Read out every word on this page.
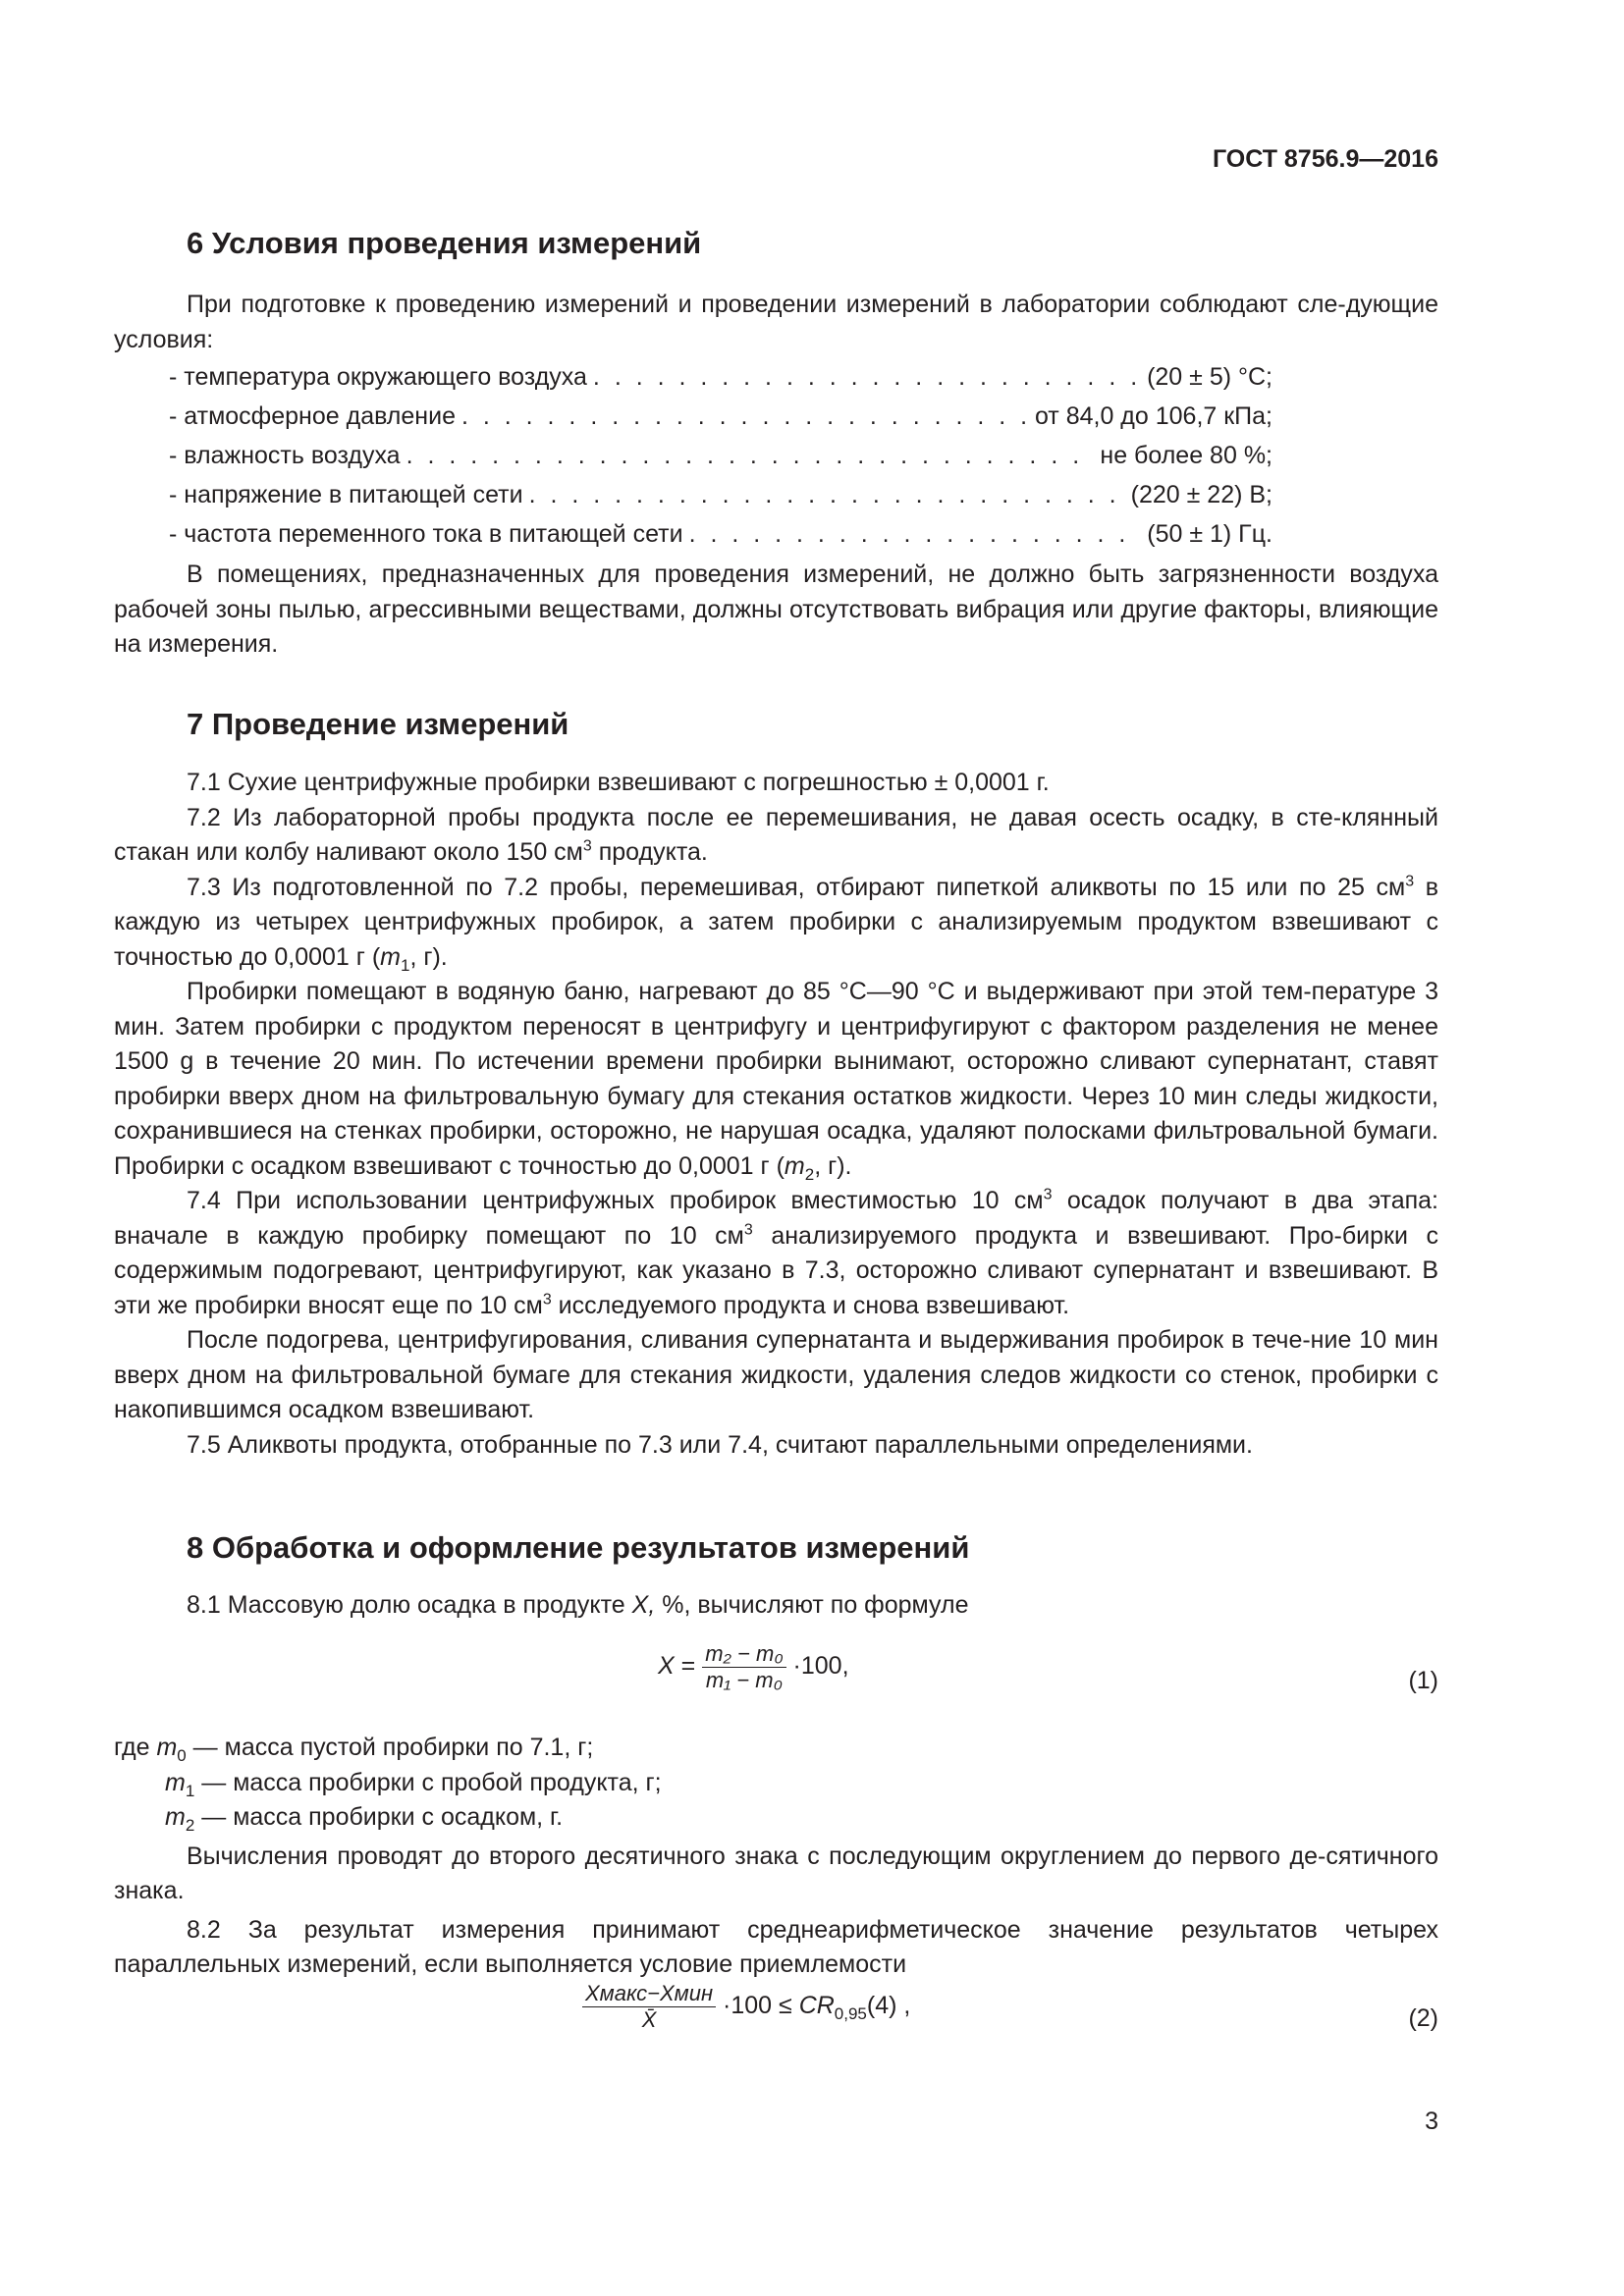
ГОСТ 8756.9—2016
6 Условия проведения измерений

При подготовке к проведению измерений и проведении измерений в лаборатории соблюдают сле-дующие условия:

- температура окружающего воздуха . . .	(20 ± 5) °С;
- атмосферное давление . . .	от 84,0 до 106,7 кПа;
- влажность воздуха . . .	не более 80 %;
- напряжение в питающей сети . . .	(220 ± 22) В;
- частота переменного тока в питающей сети . . .	(50 ± 1) Гц.

В помещениях, предназначенных для проведения измерений, не должно быть загрязненности воздуха рабочей зоны пылью, агрессивными веществами, должны отсутствовать вибрация или другие факторы, влияющие на измерения.

7 Проведение измерений

7.1 Сухие центрифужные пробирки взвешивают с погрешностью ± 0,0001 г.

7.2 Из лабораторной пробы продукта после ее перемешивания, не давая осесть осадку, в сте-клянный стакан или колбу наливают около 150 $см^3$ продукта.

7.3 Из подготовленной по 7.2 пробы, перемешивая, отбирают пипеткой аликвоты по 15 или по 25 $см^3$ в каждую из четырех центрифужных пробирок, а затем пробирки с анализируемым продуктом взвешивают с точностью до 0,0001 г ($m_1$, г).

Пробирки помещают в водяную баню, нагревают до 85 °С—90 °С и выдерживают при этой тем-пературе 3 мин. Затем пробирки с продуктом переносят в центрифугу и центрифугируют с фактором разделения не менее 1500 g в течение 20 мин. По истечении времени пробирки вынимают, осторожно сливают супернатант, ставят пробирки вверх дном на фильтровальную бумагу для стекания остатков жидкости. Через 10 мин следы жидкости, сохранившиеся на стенках пробирки, осторожно, не нарушая осадка, удаляют полосками фильтровальной бумаги. Пробирки с осадком взвешивают с точностью до 0,0001 г ($m_2$, г).

7.4 При использовании центрифужных пробирок вместимостью 10 $см^3$ осадок получают в два этапа: вначале в каждую пробирку помещают по 10 $см^3$ анализируемого продукта и взвешивают. Про-бирки с содержимым подогревают, центрифугируют, как указано в 7.3, осторожно сливают супернатант и взвешивают. В эти же пробирки вносят еще по 10 $см^3$ исследуемого продукта и снова взвешивают.

После подогрева, центрифугирования, сливания супернатанта и выдерживания пробирок в тече-ние 10 мин вверх дном на фильтровальной бумаге для стекания жидкости, удаления следов жидкости со стенок, пробирки с накопившимся осадком взвешивают.

7.5 Аликвоты продукта, отобранные по 7.3 или 7.4, считают параллельными определениями.

8 Обработка и оформление результатов измерений

8.1 Массовую долю осадка в продукте X, %, вычисляют по формуле

$X = \frac{\text{m₂ − m₀}}{\text{m₁ − m₀}} \cdot 100$,
(1)
где $m_0$ — масса пустой пробирки по 7.1, г;
$m_1$ — масса пробирки с пробой продукта, г;
$m_2$ — масса пробирки с осадком, г.

Вычисления проводят до второго десятичного знака с последующим округлением до первого де-сятичного знака.

8.2 За результат измерения принимают среднеарифметическое значение результатов четырех параллельных измерений, если выполняется условие приемлемости

$\frac{\text{Xмакс−Xмин}}{X̄} \cdot 100 \le CR_{0,95}(4)$ ,	(2)
3
